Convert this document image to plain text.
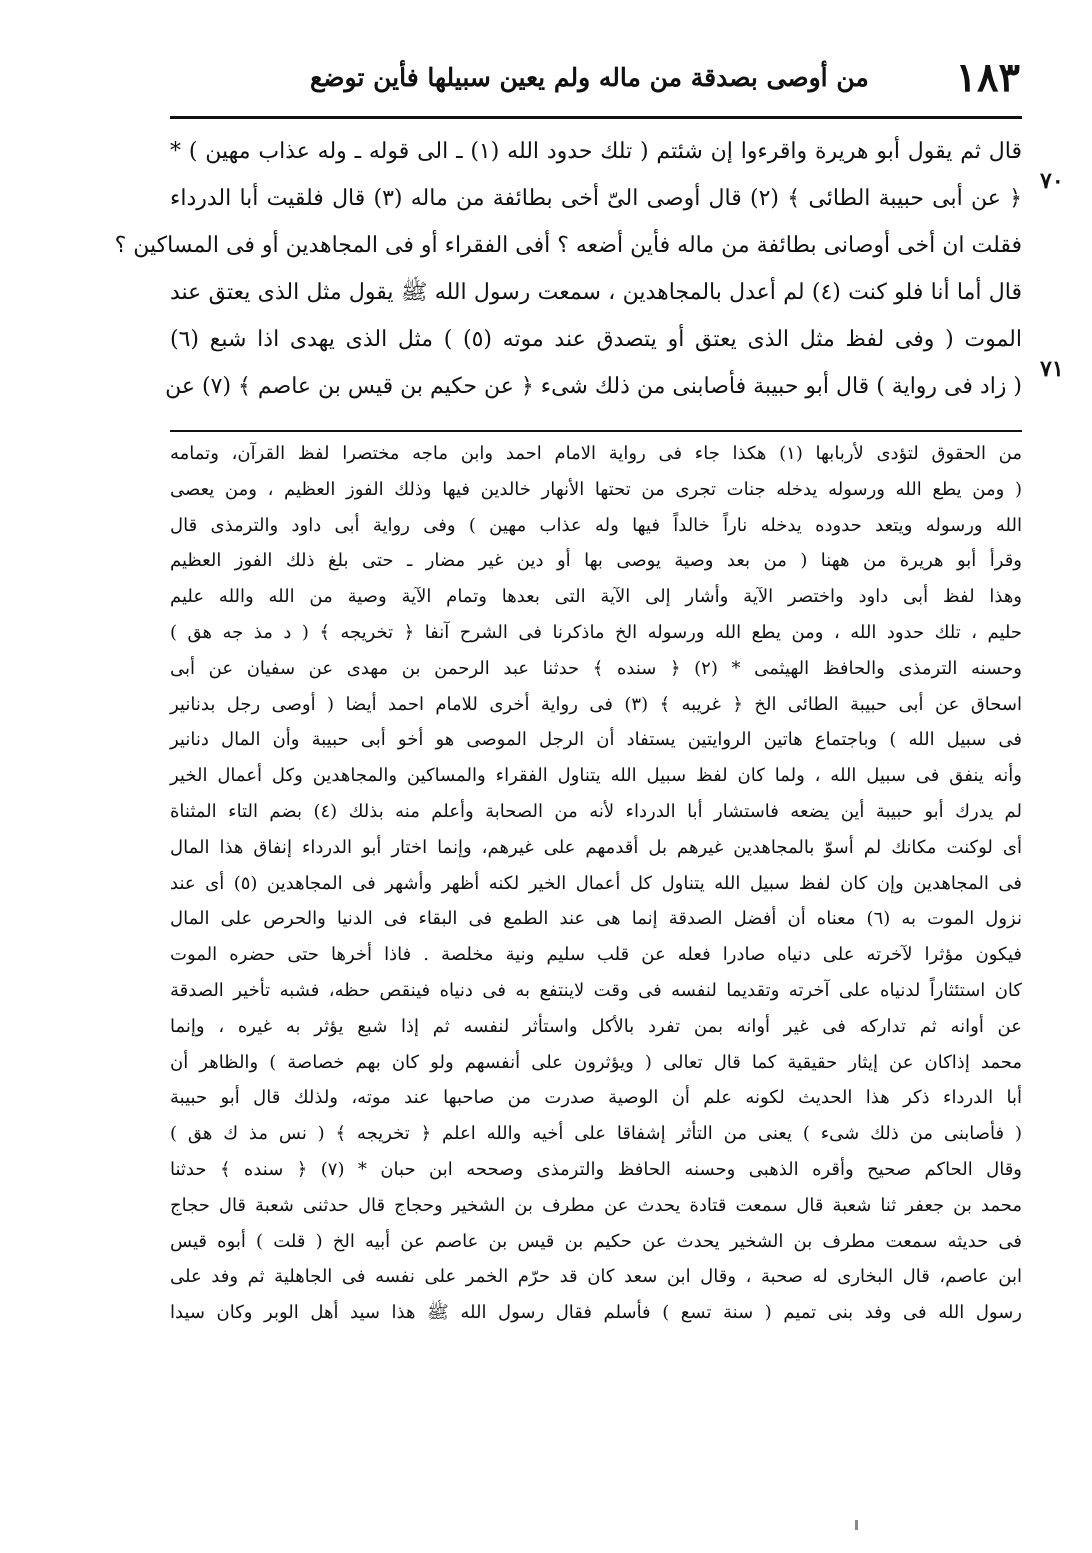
١٨٣
من أوصى بصدقة من ماله ولم يعين سبيلها فأين توضع
٧٠
٧١
قال ثم يقول أبو هريرة واقرءوا إن شئتم ( تلك حدود الله (١) ـ الى قوله ـ وله عذاب مهين ) *
﴿ عن أبى حبيبة الطائى ﴾ (٢) قال أوصى الىّ أخى بطائفة من ماله (٣) قال فلقيت أبا الدرداء
فقلت ان أخى أوصانى بطائفة من ماله فأين أضعه ؟ أفى الفقراء أو فى المجاهدين أو فى المساكين ؟
قال أما أنا فلو كنت (٤) لم أعدل بالمجاهدين ، سمعت رسول الله ﷺ يقول مثل الذى يعتق عند
الموت ( وفى لفظ مثل الذى يعتق أو يتصدق عند موته (٥) ) مثل الذى يهدى اذا شبع (٦)
( زاد فى رواية ) قال أبو حبيبة فأصابنى من ذلك شىء ﴿ عن حكيم بن قيس بن عاصم ﴾ (٧) عن
من الحقوق لتؤدى لأربابها (١) هكذا جاء فى رواية الامام احمد وابن ماجه مختصرا لفظ القرآن، وتمامه
( ومن يطع الله ورسوله يدخله جنات تجرى من تحتها الأنهار خالدين فيها وذلك الفوز العظيم ، ومن يعصى
الله ورسوله ويتعد حدوده يدخله ناراً خالداً فيها وله عذاب مهين ) وفى رواية أبى داود والترمذى قال
وقرأ أبو هريرة من ههنا ( من بعد وصية يوصى بها أو دين غير مضار ـ حتى بلغ ذلك الفوز العظيم
وهذا لفظ أبى داود واختصر الآية وأشار إلى الآية التى بعدها وتمام الآية وصية من الله والله عليم
حليم ، تلك حدود الله ، ومن يطع الله ورسوله الخ ماذكرنا فى الشرح آنفا ﴿ تخريجه ﴾ ( د مذ جه هق )
وحسنه الترمذى والحافظ الهيثمى * (٢) ﴿ سنده ﴾ حدثنا عبد الرحمن بن مهدى عن سفيان عن أبى
اسحاق عن أبى حبيبة الطائى الخ ﴿ غريبه ﴾ (٣) فى رواية أخرى للامام احمد أيضا ( أوصى رجل بدنانير
فى سبيل الله ) وباجتماع هاتين الروايتين يستفاد أن الرجل الموصى هو أخو أبى حبيبة وأن المال دنانير
وأنه ينفق فى سبيل الله ، ولما كان لفظ سبيل الله يتناول الفقراء والمساكين والمجاهدين وكل أعمال الخير
لم يدرك أبو حبيبة أين يضعه فاستشار أبا الدرداء لأنه من الصحابة وأعلم منه بذلك (٤) بضم التاء المثناة
أى لوكنت مكانك لم أسوّ بالمجاهدين غيرهم بل أقدمهم على غيرهم، وإنما اختار أبو الدرداء إنفاق هذا المال
فى المجاهدين وإن كان لفظ سبيل الله يتناول كل أعمال الخير لكنه أظهر وأشهر فى المجاهدين (٥) أى عند
نزول الموت به (٦) معناه أن أفضل الصدقة إنما هى عند الطمع فى البقاء فى الدنيا والحرص على المال
فيكون مؤثرا لآخرته على دنياه صادرا فعله عن قلب سليم ونية مخلصة . فاذا أخرها حتى حضره الموت
كان استئثاراً لدنياه على آخرته وتقديما لنفسه فى وقت لاينتفع به فى دنياه فينقص حظه، فشبه تأخير الصدقة
عن أوانه ثم تداركه فى غير أوانه بمن تفرد بالأكل واستأثر لنفسه ثم إذا شبع يؤثر به غيره ، وإنما
محمد إذاكان عن إيثار حقيقية كما قال تعالى ( ويؤثرون على أنفسهم ولو كان بهم خصاصة ) والظاهر أن
أبا الدرداء ذكر هذا الحديث لكونه علم أن الوصية صدرت من صاحبها عند موته، ولذلك قال أبو حبيبة
( فأصابنى من ذلك شىء ) يعنى من التأثر إشفاقا على أخيه والله اعلم ﴿ تخريجه ﴾ ( نس مذ ك هق )
وقال الحاكم صحيح وأقره الذهبى وحسنه الحافظ والترمذى وصححه ابن حبان * (٧) ﴿ سنده ﴾ حدثنا
محمد بن جعفر ثنا شعبة قال سمعت قتادة يحدث عن مطرف بن الشخير وحجاج قال حدثنى شعبة قال حجاج
فى حديثه سمعت مطرف بن الشخير يحدث عن حكيم بن قيس بن عاصم عن أبيه الخ ( قلت ) أبوه قيس
ابن عاصم، قال البخارى له صحبة ، وقال ابن سعد كان قد حرّم الخمر على نفسه فى الجاهلية ثم وفد على
رسول الله فى وفد بنى تميم ( سنة تسع ) فأسلم فقال رسول الله ﷺ هذا سيد أهل الوبر وكان سيدا
